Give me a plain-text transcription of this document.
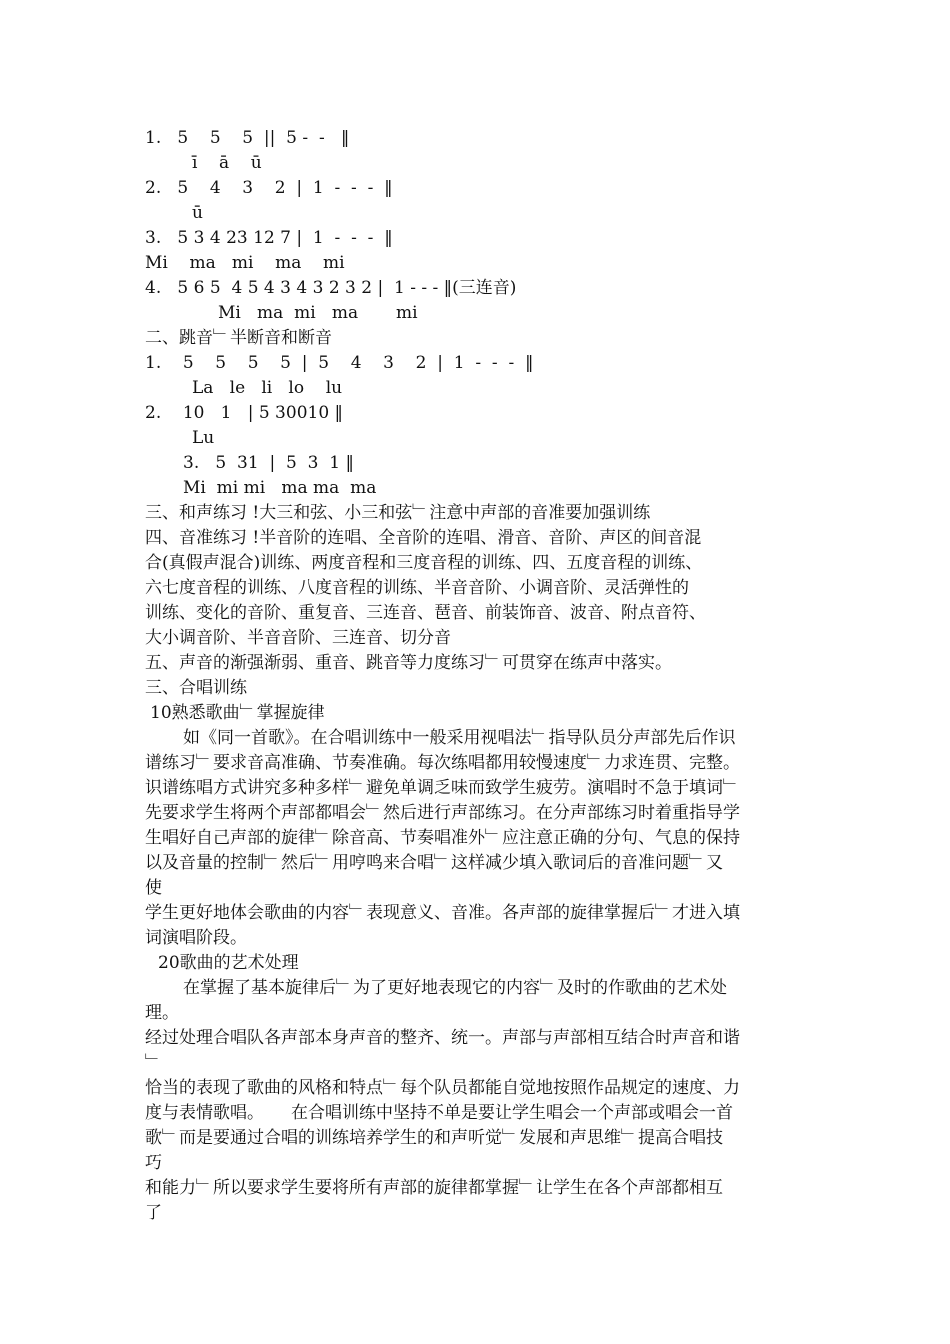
1.   5    5    5  ||  5 -  -   ‖

ī    ā    ū

2.   5    4    3    2  |  1  -  -  -  ‖

ū

3.   5 3 4 23 12 7 |  1  -  -  -  ‖

Mi    ma   mi    ma    mi

4.   5 6 5  4 5 4 3 4 3 2 3 2 |  1 - - - ‖(三连音)

Mi   ma  mi   ma       mi

二、跳音﹂半断音和断音

1.    5    5    5    5  |  5    4    3    2  |  1  -  -  -  ‖

La   le   li   lo    lu

2.    10   1   | 5 30010 ‖

Lu

3.   5  31  |  5  3  1 ‖

Mi  mi mi   ma ma  ma

三、和声练习 !大三和弦、小三和弦﹂注意中声部的音准要加强训练

四、音准练习 !半音阶的连唱、全音阶的连唱、滑音、音阶、声区的间音混

合(真假声混合)训练、两度音程和三度音程的训练、四、五度音程的训练、

六七度音程的训练、八度音程的训练、半音音阶、小调音阶、灵活弹性的

训练、变化的音阶、重复音、三连音、琶音、前装饰音、波音、附点音符、

大小调音阶、半音音阶、三连音、切分音

五、声音的渐强渐弱、重音、跳音等力度练习﹂可贯穿在练声中落实。

三、合唱训练

10熟悉歌曲﹂掌握旋律

如《同一首歌》。在合唱训练中一般采用视唱法﹂指导队员分声部先后作识

谱练习﹂要求音高准确、节奏准确。每次练唱都用较慢速度﹂力求连贯、完整。

识谱练唱方式讲究多种多样﹂避免单调乏味而致学生疲劳。演唱时不急于填词﹂

先要求学生将两个声部都唱会﹂然后进行声部练习。在分声部练习时着重指导学

生唱好自己声部的旋律﹂除音高、节奏唱准外﹂应注意正确的分句、气息的保持

以及音量的控制﹂然后﹂用哼鸣来合唱﹂这样减少填入歌词后的音准问题﹂又

使

学生更好地体会歌曲的内容﹂表现意义、音准。各声部的旋律掌握后﹂才进入填

词演唱阶段。

20歌曲的艺术处理

在掌握了基本旋律后﹂为了更好地表现它的内容﹂及时的作歌曲的艺术处

理。

经过处理合唱队各声部本身声音的整齐、统一。声部与声部相互结合时声音和谐

﹂

恰当的表现了歌曲的风格和特点﹂每个队员都能自觉地按照作品规定的速度、力

度与表情歌唱。     在合唱训练中坚持不单是要让学生唱会一个声部或唱会一首

歌﹂而是要通过合唱的训练培养学生的和声听觉﹂发展和声思维﹂提高合唱技

巧

和能力﹂所以要求学生要将所有声部的旋律都掌握﹂让学生在各个声部都相互

了
